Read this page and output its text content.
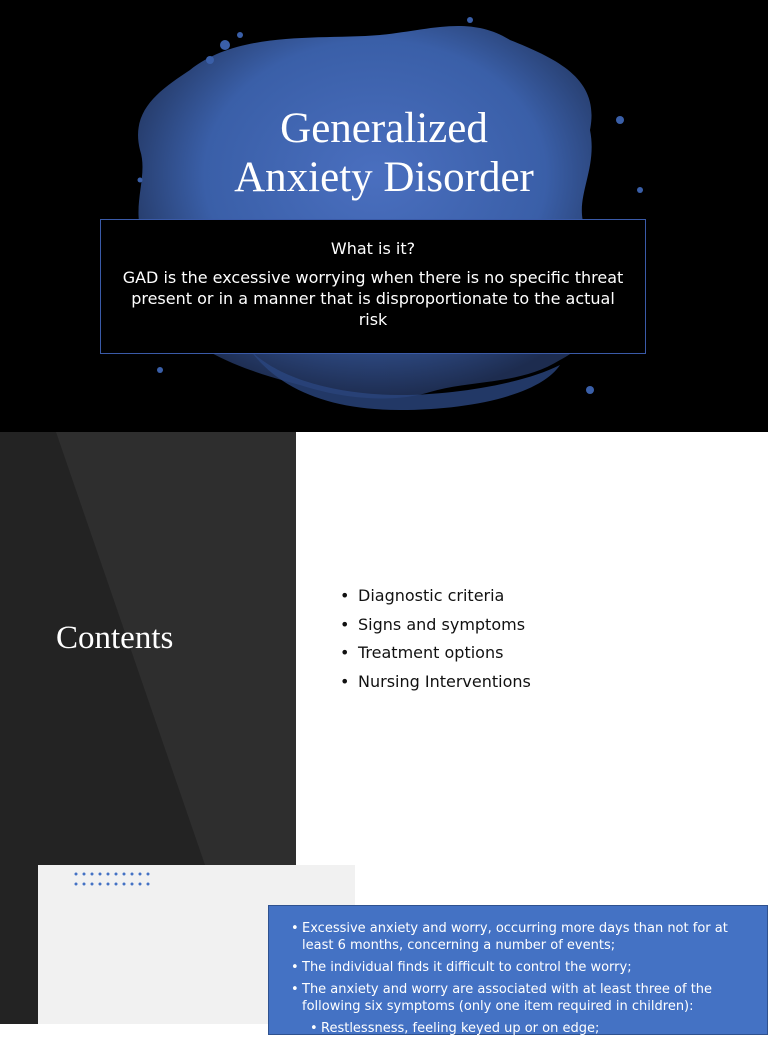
Generalized
Anxiety Disorder
What is it?
GAD is the excessive worrying when there is no specific threat present or in a manner that is disproportionate to the actual risk
Contents
• Diagnostic criteria
• Signs and symptoms
• Treatment options
• Nursing Interventions
• Excessive anxiety and worry, occurring more days than not for at least 6 months, concerning a number of events;
• The individual finds it difficult to control the worry;
• The anxiety and worry are associated with at least three of the following six symptoms (only one item required in children):
• Restlessness, feeling keyed up or on edge;
